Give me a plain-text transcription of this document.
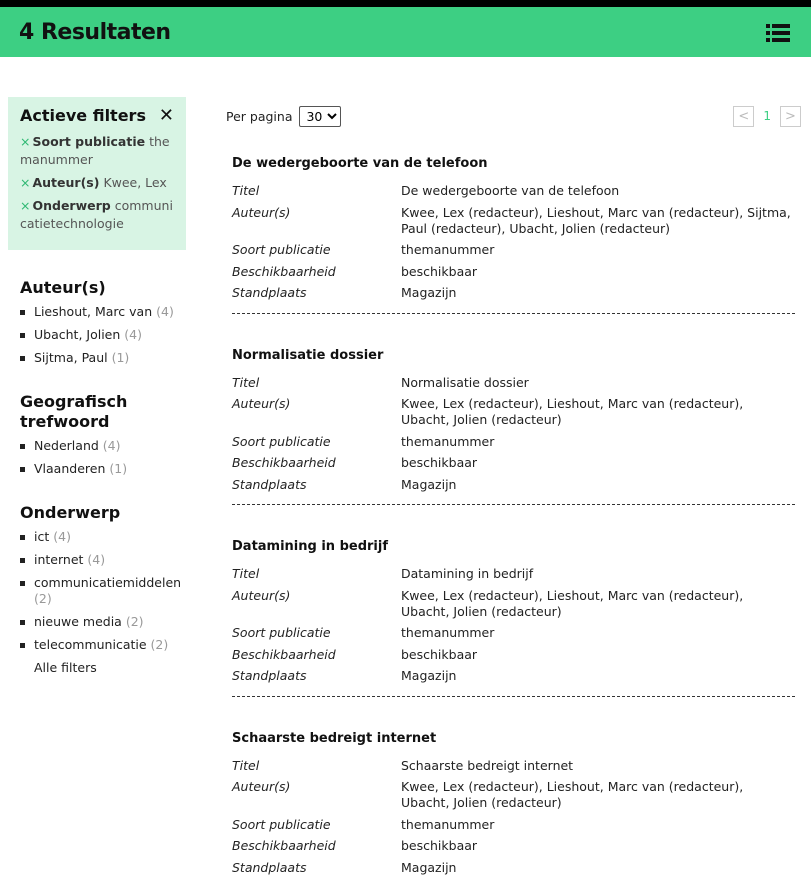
4 Resultaten
Actieve filters ✕
× Soort publicatie themanummer
× Auteur(s) Kwee, Lex
× Onderwerp communicatietechnologie
Auteur(s)
Lieshout, Marc van (4)
Ubacht, Jolien (4)
Sijtma, Paul (1)
Geografisch trefwoord
Nederland (4)
Vlaanderen (1)
Onderwerp
ict (4)
internet (4)
communicatiemiddelen (2)
nieuwe media (2)
telecommunicatie (2)
Alle filters
Per pagina
30	<	1	>
De wedergeboorte van de telefoon
Titel	De wedergeboorte van de telefoon
Auteur(s)	Kwee, Lex (redacteur), Lieshout, Marc van (redacteur), Sijtma, Paul (redacteur), Ubacht, Jolien (redacteur)
Soort publicatie	themanummer
Beschikbaarheid	beschikbaar
Standplaats	Magazijn
Normalisatie dossier
Titel	Normalisatie dossier
Auteur(s)	Kwee, Lex (redacteur), Lieshout, Marc van (redacteur), Ubacht, Jolien (redacteur)
Soort publicatie	themanummer
Beschikbaarheid	beschikbaar
Standplaats	Magazijn
Datamining in bedrijf
Titel	Datamining in bedrijf
Auteur(s)	Kwee, Lex (redacteur), Lieshout, Marc van (redacteur), Ubacht, Jolien (redacteur)
Soort publicatie	themanummer
Beschikbaarheid	beschikbaar
Standplaats	Magazijn
Schaarste bedreigt internet
Titel	Schaarste bedreigt internet
Auteur(s)	Kwee, Lex (redacteur), Lieshout, Marc van (redacteur), Ubacht, Jolien (redacteur)
Soort publicatie	themanummer
Beschikbaarheid	beschikbaar
Standplaats	Magazijn
